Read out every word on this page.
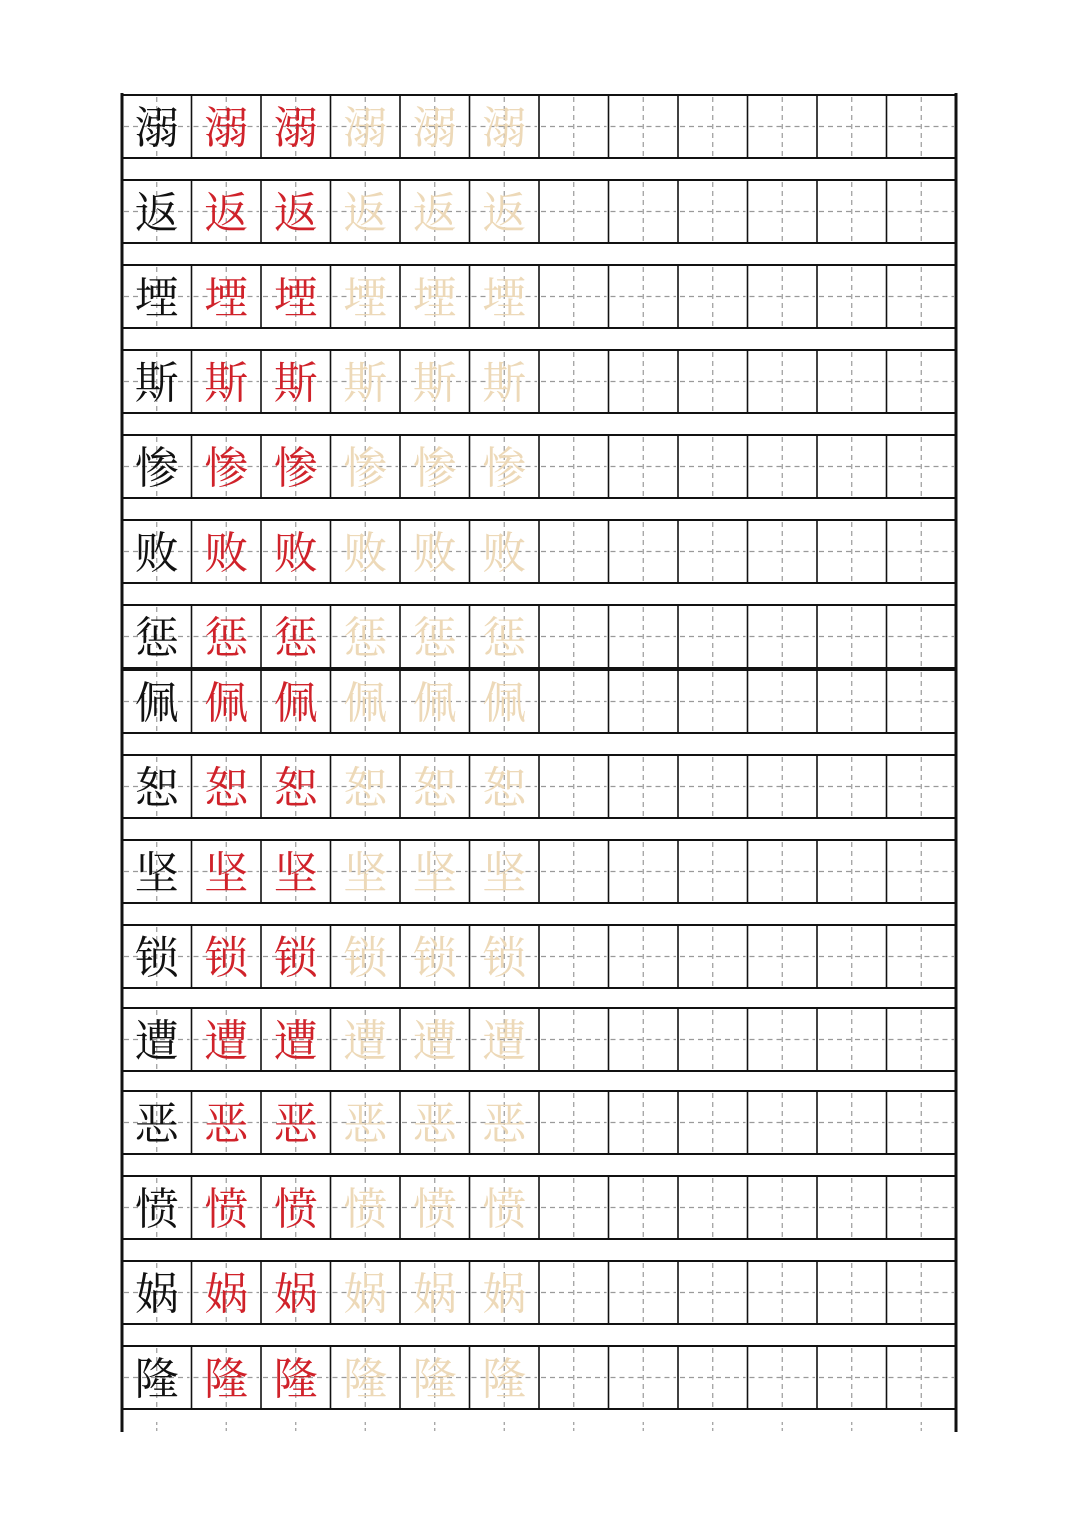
溺 溺 溺 溺 溺 溺
返 返 返 返 返 返
堙 堙 堙 堙 堙 堙
斯 斯 斯 斯 斯 斯
惨 惨 惨 惨 惨 惨
败 败 败 败 败 败
惩 惩 惩 惩 惩 惩
佩 佩 佩 佩 佩 佩
恕 恕 恕 恕 恕 恕
坚 坚 坚 坚 坚 坚
锁 锁 锁 锁 锁 锁
遭 遭 遭 遭 遭 遭
恶 恶 恶 恶 恶 恶
愤 愤 愤 愤 愤 愤
娲 娲 娲 娲 娲 娲
隆 隆 隆 隆 隆 隆
